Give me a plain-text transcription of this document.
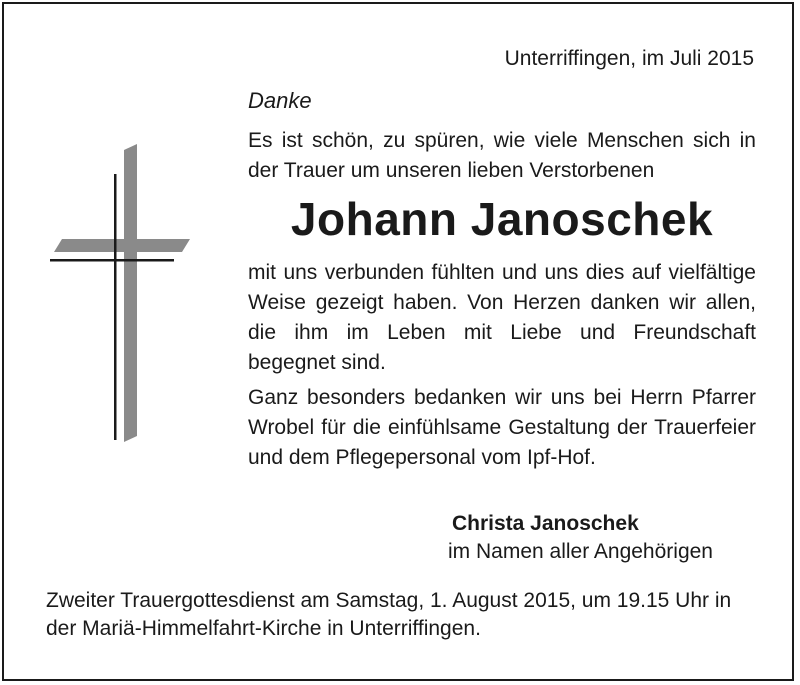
Unterriffingen, im Juli 2015
Danke
Es ist schön, zu spüren, wie viele Menschen sich in der Trauer um unseren lieben Verstorbenen
Johann Janoschek
mit uns verbunden fühlten und uns dies auf vielfältige Weise gezeigt haben. Von Herzen danken wir allen, die ihm im Leben mit Liebe und Freundschaft begegnet sind.
Ganz besonders bedanken wir uns bei Herrn Pfarrer Wrobel für die einfühlsame Gestaltung der Trauerfeier und dem Pflegepersonal vom Ipf-Hof.
Christa Janoschek
im Namen aller Angehörigen
Zweiter Trauergottesdienst am Samstag, 1. August 2015, um 19.15 Uhr in der Mariä-Himmelfahrt-Kirche in Unterriffingen.
